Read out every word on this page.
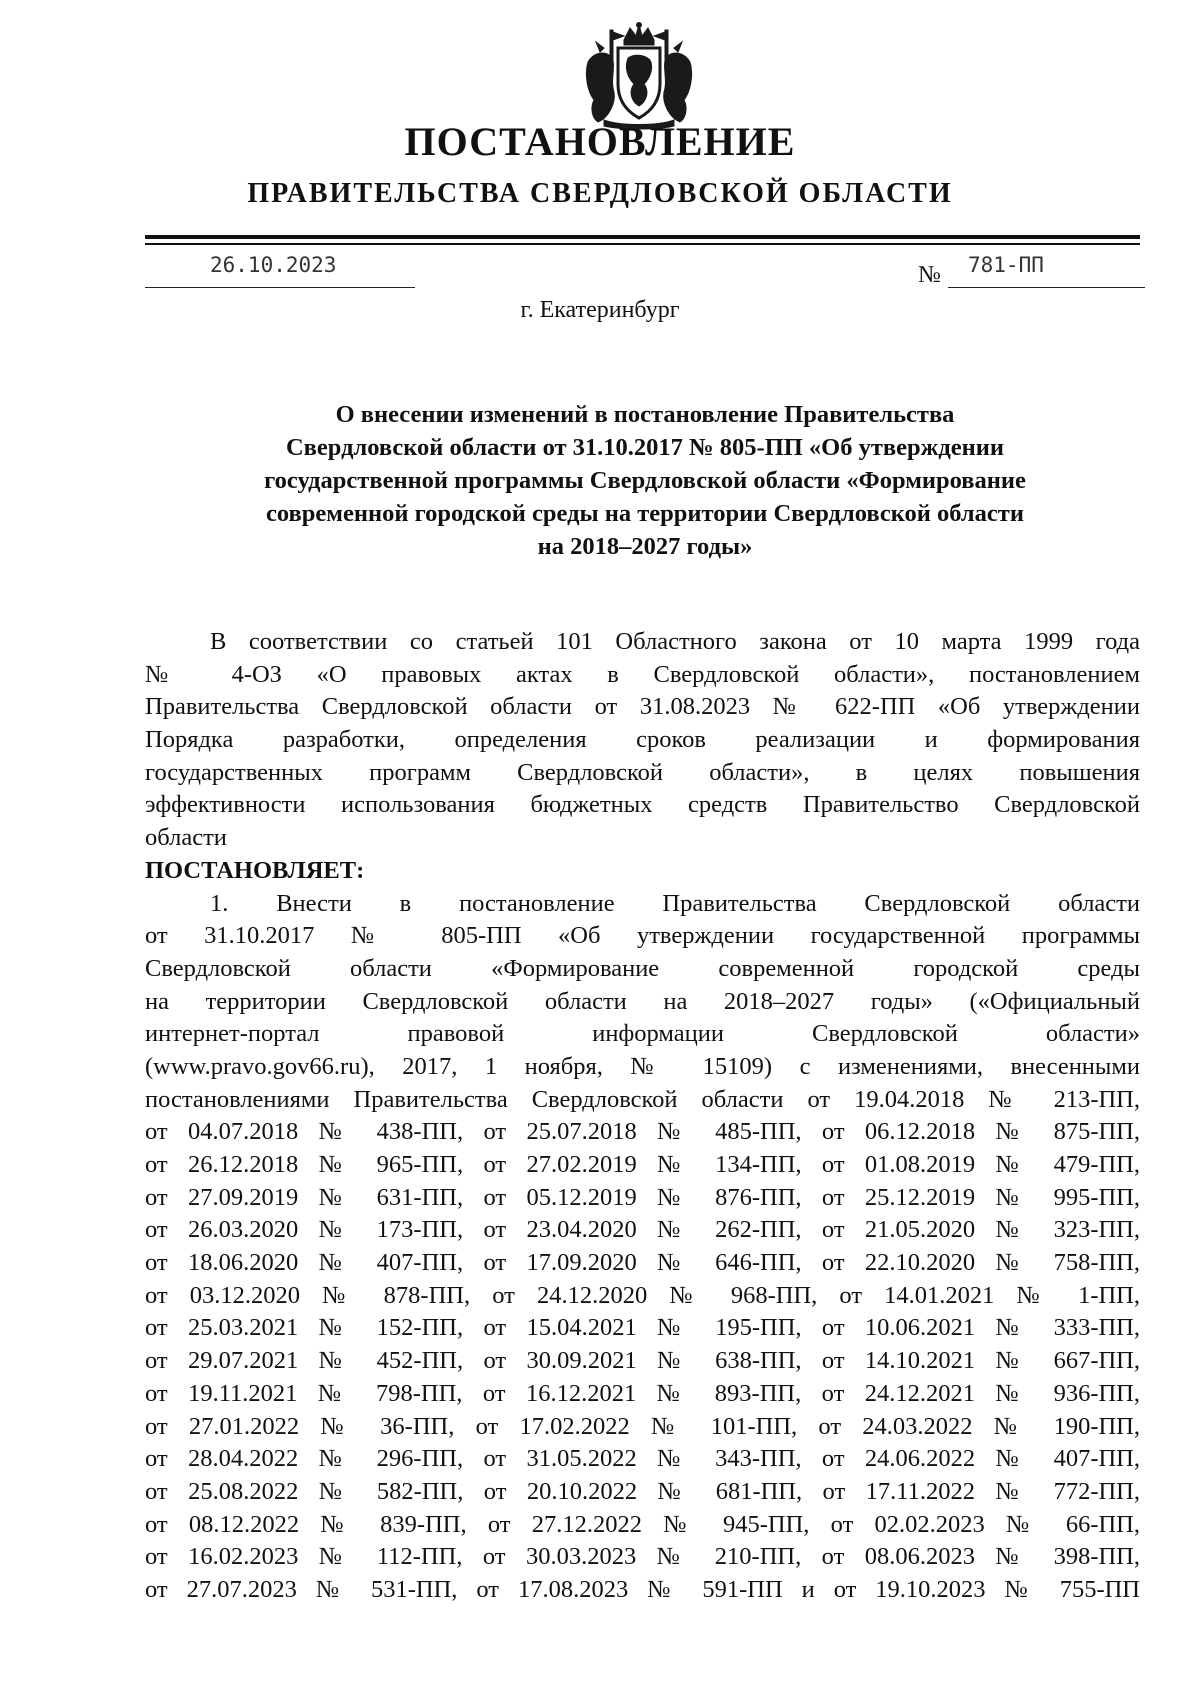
ПОСТАНОВЛЕНИЕ
ПРАВИТЕЛЬСТВА СВЕРДЛОВСКОЙ ОБЛАСТИ
26.10.2023	№ 781-ПП
г. Екатеринбург
О внесении изменений в постановление Правительства
Свердловской области от 31.10.2017 № 805-ПП «Об утверждении
государственной программы Свердловской области «Формирование
современной городской среды на территории Свердловской области
на 2018–2027 годы»
В соответствии со статьей 101 Областного закона от 10 марта 1999 года
№ 4-ОЗ «О правовых актах в Свердловской области», постановлением
Правительства Свердловской области от 31.08.2023 № 622-ПП «Об утверждении
Порядка разработки, определения сроков реализации и формирования
государственных программ Свердловской области», в целях повышения
эффективности использования бюджетных средств Правительство Свердловской
области
ПОСТАНОВЛЯЕТ:
1. Внести в постановление Правительства Свердловской области
от 31.10.2017 № 805-ПП «Об утверждении государственной программы
Свердловской области «Формирование современной городской среды
на территории Свердловской области на 2018–2027 годы» («Официальный
интернет-портал правовой информации Свердловской области»
(www.pravo.gov66.ru), 2017, 1 ноября, № 15109) с изменениями, внесенными
постановлениями Правительства Свердловской области от 19.04.2018 № 213-ПП,
от 04.07.2018 № 438-ПП, от 25.07.2018 № 485-ПП, от 06.12.2018 № 875-ПП,
от 26.12.2018 № 965-ПП, от 27.02.2019 № 134-ПП, от 01.08.2019 № 479-ПП,
от 27.09.2019 № 631-ПП, от 05.12.2019 № 876-ПП, от 25.12.2019 № 995-ПП,
от 26.03.2020 № 173-ПП, от 23.04.2020 № 262-ПП, от 21.05.2020 № 323-ПП,
от 18.06.2020 № 407-ПП, от 17.09.2020 № 646-ПП, от 22.10.2020 № 758-ПП,
от 03.12.2020 № 878-ПП, от 24.12.2020 № 968-ПП, от 14.01.2021 № 1-ПП,
от 25.03.2021 № 152-ПП, от 15.04.2021 № 195-ПП, от 10.06.2021 № 333-ПП,
от 29.07.2021 № 452-ПП, от 30.09.2021 № 638-ПП, от 14.10.2021 № 667-ПП,
от 19.11.2021 № 798-ПП, от 16.12.2021 № 893-ПП, от 24.12.2021 № 936-ПП,
от 27.01.2022 № 36-ПП, от 17.02.2022 № 101-ПП, от 24.03.2022 № 190-ПП,
от 28.04.2022 № 296-ПП, от 31.05.2022 № 343-ПП, от 24.06.2022 № 407-ПП,
от 25.08.2022 № 582-ПП, от 20.10.2022 № 681-ПП, от 17.11.2022 № 772-ПП,
от 08.12.2022 № 839-ПП, от 27.12.2022 № 945-ПП, от 02.02.2023 № 66-ПП,
от 16.02.2023 № 112-ПП, от 30.03.2023 № 210-ПП, от 08.06.2023 № 398-ПП,
от 27.07.2023 № 531-ПП, от 17.08.2023 № 591-ПП и от 19.10.2023 № 755-ПП
